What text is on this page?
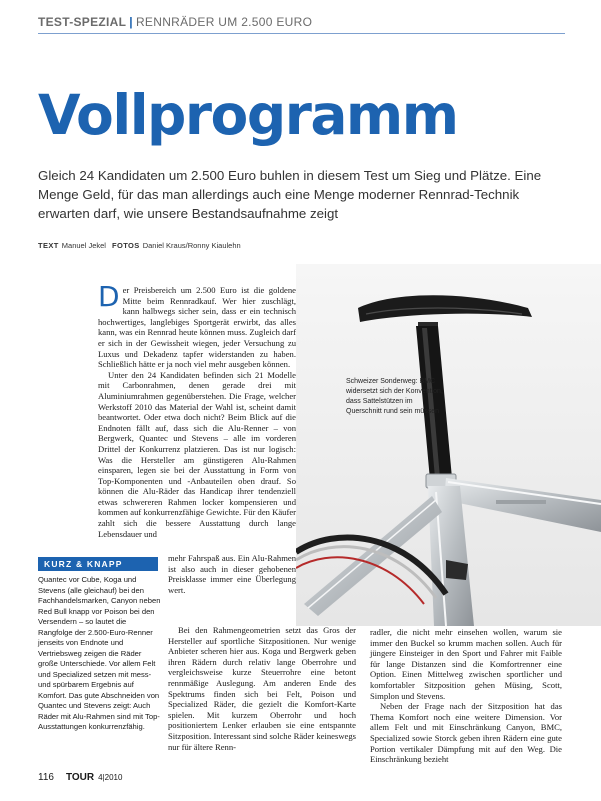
TEST-SPEZIAL | RENNRÄDER UM 2.500 EURO
Vollprogramm

Gleich 24 Kandidaten um 2.500 Euro buhlen in diesem Test um Sieg und Plätze. Eine Menge Geld, für das man allerdings auch eine Menge moderner Rennrad-Technik erwarten darf, wie unsere Bestandsaufnahme zeigt

TEXT Manuel Jekel FOTOS Daniel Kraus/Ronny Kiaulehn

Schweizer Sonderweg: BMC widersetzt sich der Konvention, dass Sattelstützen im Querschnitt rund sein müssen

Der Preisbereich um 2.500 Euro ist die goldene Mitte beim Rennradkauf. Wer hier zuschlägt, kann halbwegs sicher sein, dass er ein technisch hochwertiges, langlebiges Sportgerät erwirbt, das alles kann, was ein Rennrad heute können muss. Zugleich darf er sich in der Gewissheit wiegen, jeder Versuchung zu Luxus und Dekadenz tapfer widerstanden zu haben. Schließlich hätte er ja noch viel mehr ausgeben können.

Unter den 24 Kandidaten befinden sich 21 Modelle mit Carbonrahmen, denen gerade drei mit Aluminiumrahmen gegenüberstehen. Die Frage, welcher Werkstoff 2010 das Material der Wahl ist, scheint damit beantwortet. Oder etwa doch nicht? Beim Blick auf die Endnoten fällt auf, dass sich die Alu-Renner – von Bergwerk, Quantec und Stevens – alle im vorderen Drittel der Konkurrenz platzieren. Das ist nur logisch: Was die Hersteller am günstigeren Alu-Rahmen einsparen, legen sie bei der Ausstattung in Form von Top-Komponenten und -Anbauteilen oben drauf. So können die Alu-Räder das Handicap ihrer tendenziell etwas schwereren Rahmen locker kompensieren und kommen auf konkurrenzfähige Gewichte. Für den Käufer zahlt sich die bessere Ausstattung durch lange Lebensdauer und

mehr Fahrspaß aus. Ein Alu-Rahmen ist also auch in dieser gehobenen Preisklasse immer eine Überlegung wert.

Bei den Rahmengeometrien setzt das Gros der Hersteller auf sportliche Sitzpositionen. Nur wenige Anbieter scheren hier aus. Koga und Bergwerk geben ihren Rädern durch relativ lange Oberrohre und vergleichsweise kurze Steuerrohre eine betont rennmäßige Auslegung. Am anderen Ende des Spektrums finden sich bei Felt, Poison und Specialized Räder, die gezielt die Komfort-Karte spielen. Mit kurzem Oberrohr und hoch positioniertem Lenker erlauben sie eine entspannte Sitzposition. Interessant sind solche Räder keineswegs nur für ältere Renn-

radler, die nicht mehr einsehen wollen, warum sie immer den Buckel so krumm machen sollen. Auch für jüngere Einsteiger in den Sport und Fahrer mit Faible für lange Distanzen sind die Komfortrenner eine Option. Einen Mittelweg zwischen sportlicher und komfortabler Sitzposition gehen Müsing, Scott, Simplon und Stevens.

Neben der Frage nach der Sitzposition hat das Thema Komfort noch eine weitere Dimension. Vor allem Felt und mit Einschränkung Canyon, BMC, Specialized sowie Storck geben ihren Rädern eine gute Portion vertikaler Dämpfung mit auf den Weg. Die Einschränkung bezieht

KURZ & KNAPP

Quantec vor Cube, Koga und Stevens (alle gleichauf) bei den Fachhandelsmarken, Canyon neben Red Bull knapp vor Poison bei den Versendern – so lautet die Rangfolge der 2.500-Euro-Renner jenseits von Endnote und Vertriebsweg zeigen die Räder große Unterschiede. Vor allem Felt und Specialized setzen mit mess- und spürbarem Ergebnis auf Komfort. Das gute Abschneiden von Quantec und Stevens zeigt: Auch Räder mit Alu-Rahmen sind mit Top-Ausstattungen konkurrenzfähig.

116 TOUR 4|2010
